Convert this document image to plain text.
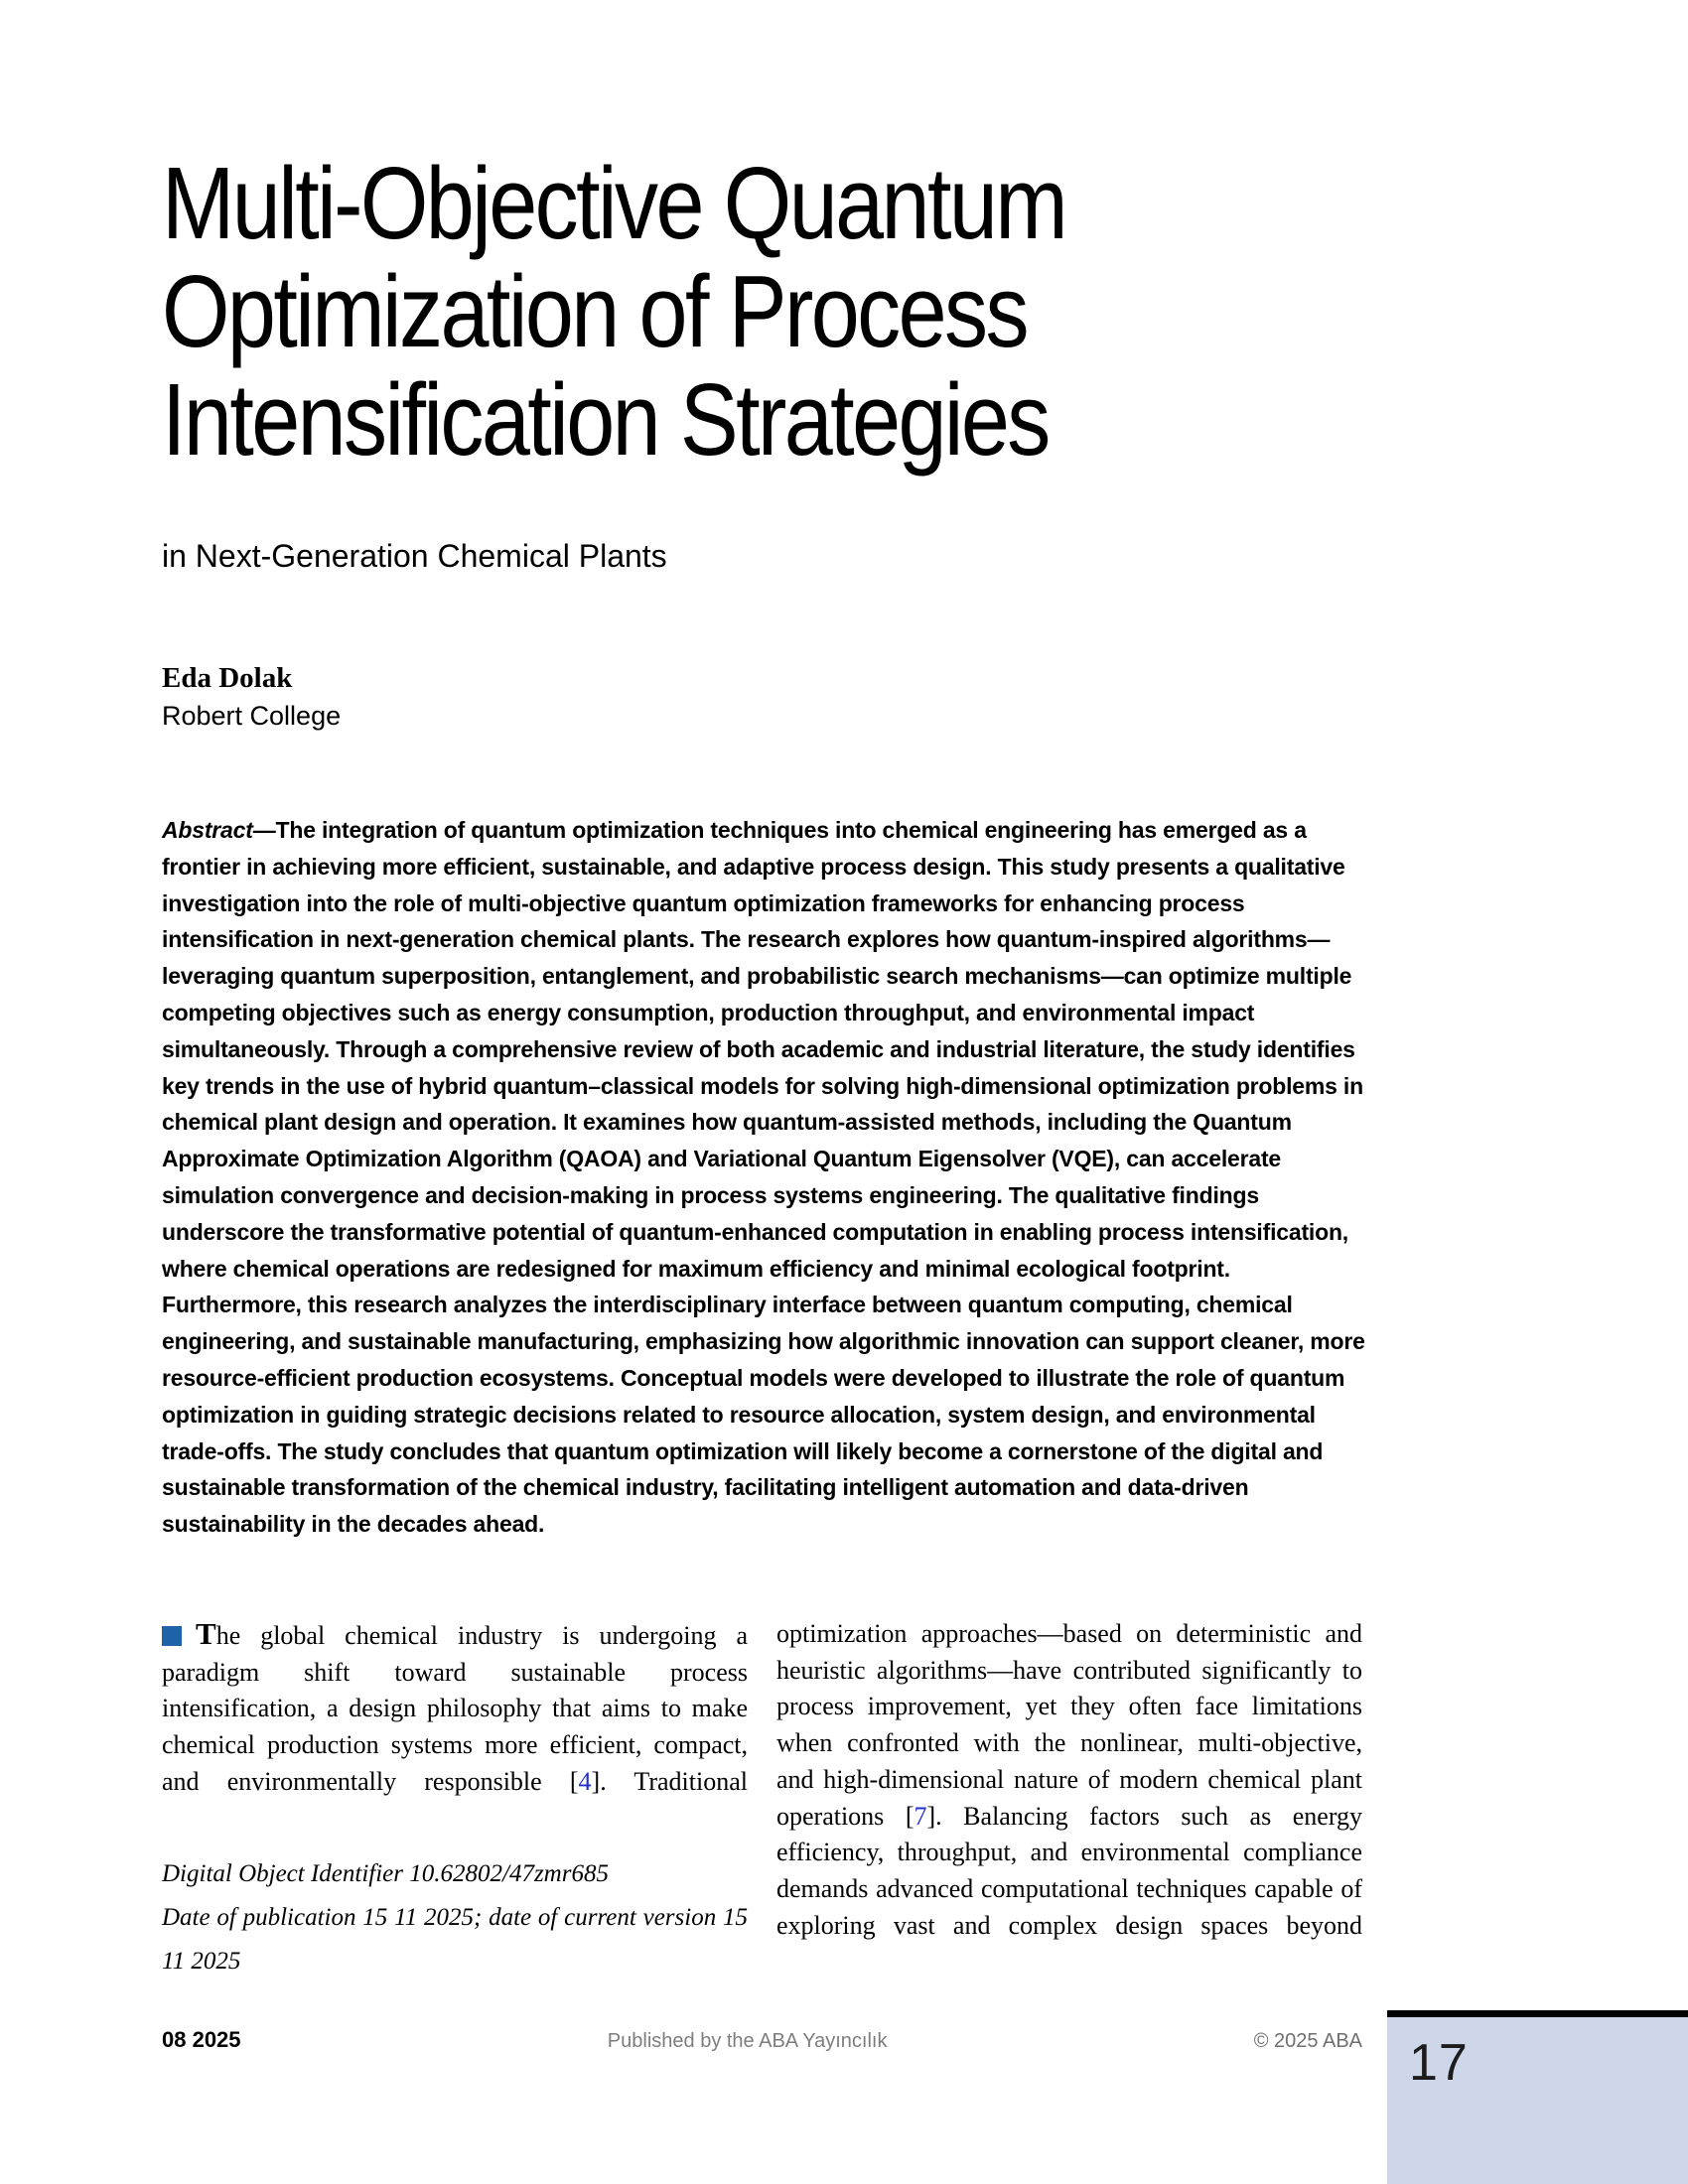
Multi-Objective Quantum
Optimization of Process
Intensification Strategies
in Next-Generation Chemical Plants
Eda Dolak
Robert College

Abstract—The integration of quantum optimization techniques into chemical engineering has emerged as a frontier in achieving more efficient, sustainable, and adaptive process design. This study presents a qualitative investigation into the role of multi-objective quantum optimization frameworks for enhancing process intensification in next-generation chemical plants. The research explores how quantum-inspired algorithms—leveraging quantum superposition, entanglement, and probabilistic search mechanisms—can optimize multiple competing objectives such as energy consumption, production throughput, and environmental impact simultaneously. Through a comprehensive review of both academic and industrial literature, the study identifies key trends in the use of hybrid quantum–classical models for solving high-dimensional optimization problems in chemical plant design and operation. It examines how quantum-assisted methods, including the Quantum Approximate Optimization Algorithm (QAOA) and Variational Quantum Eigensolver (VQE), can accelerate simulation convergence and decision-making in process systems engineering. The qualitative findings underscore the transformative potential of quantum-enhanced computation in enabling process intensification, where chemical operations are redesigned for maximum efficiency and minimal ecological footprint. Furthermore, this research analyzes the interdisciplinary interface between quantum computing, chemical engineering, and sustainable manufacturing, emphasizing how algorithmic innovation can support cleaner, more resource-efficient production ecosystems. Conceptual models were developed to illustrate the role of quantum optimization in guiding strategic decisions related to resource allocation, system design, and environmental trade-offs. The study concludes that quantum optimization will likely become a cornerstone of the digital and sustainable transformation of the chemical industry, facilitating intelligent automation and data-driven sustainability in the decades ahead.

The global chemical industry is undergoing a paradigm shift toward sustainable process intensification, a design philosophy that aims to make chemical production systems more efficient, compact, and environmentally responsible [4]. Traditional
optimization approaches—based on deterministic and heuristic algorithms—have contributed significantly to process improvement, yet they often face limitations when confronted with the nonlinear, multi-objective, and high-dimensional nature of modern chemical plant operations [7]. Balancing factors such as energy efficiency, throughput, and environmental compliance demands advanced computational techniques capable of exploring vast and complex design spaces beyond

Digital Object Identifier 10.62802/47zmr685

Date of publication 15 11 2025; date of current version 15 11 2025

08 2025	Published by the ABA Yayıncılık	© 2025 ABA 17
